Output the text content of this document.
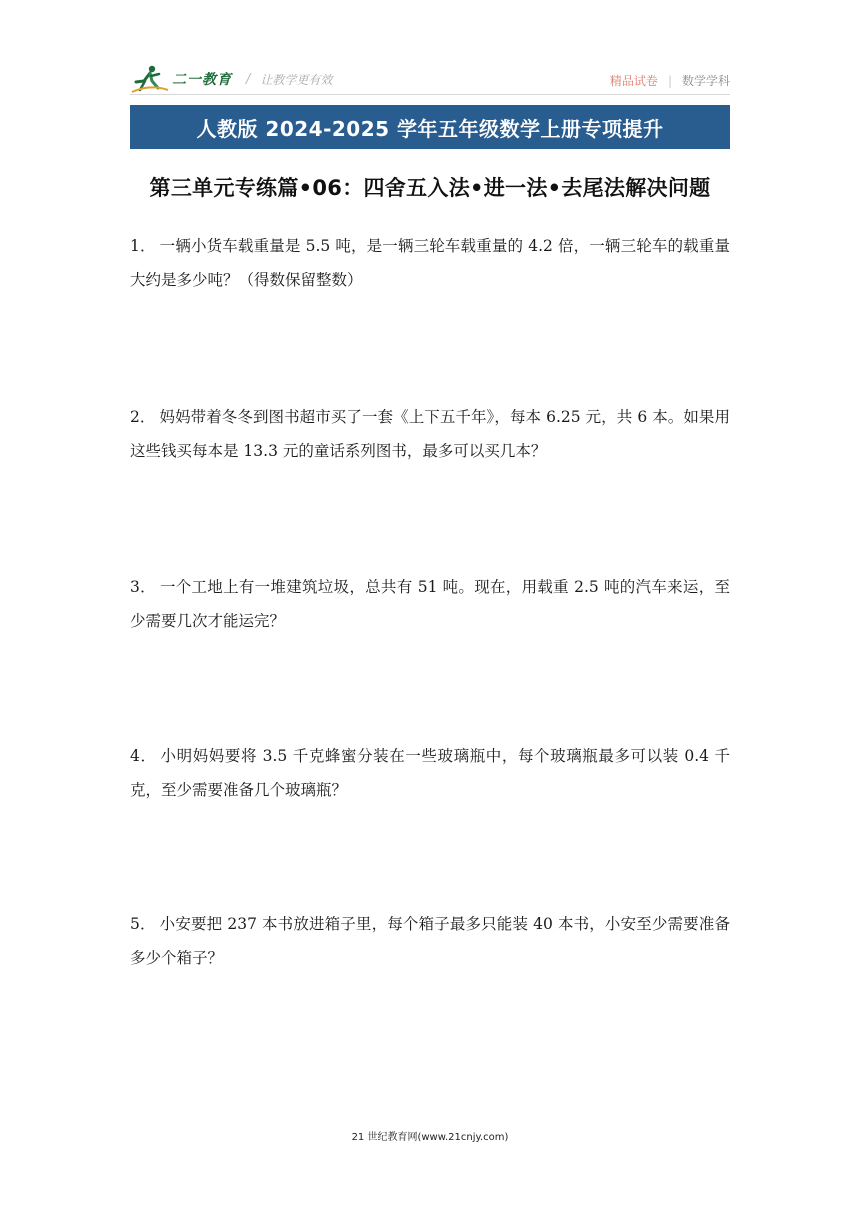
二一教育 / 让教学更有效	精品试卷 | 数学学科
人教版 2024-2025 学年五年级数学上册专项提升
第三单元专练篇•06：四舍五入法•进一法•去尾法解决问题
1． 一辆小货车载重量是 5.5 吨，是一辆三轮车载重量的 4.2 倍，一辆三轮车的载重量大约是多少吨？（得数保留整数）
2． 妈妈带着冬冬到图书超市买了一套《上下五千年》，每本 6.25 元，共 6 本。如果用这些钱买每本是 13.3 元的童话系列图书，最多可以买几本？
3． 一个工地上有一堆建筑垃圾，总共有 51 吨。现在，用载重 2.5 吨的汽车来运，至少需要几次才能运完？
4． 小明妈妈要将 3.5 千克蜂蜜分装在一些玻璃瓶中，每个玻璃瓶最多可以装 0.4 千克，至少需要准备几个玻璃瓶？
5． 小安要把 237 本书放进箱子里，每个箱子最多只能装 40 本书，小安至少需要准备多少个箱子？
21 世纪教育网(www.21cnjy.com)
